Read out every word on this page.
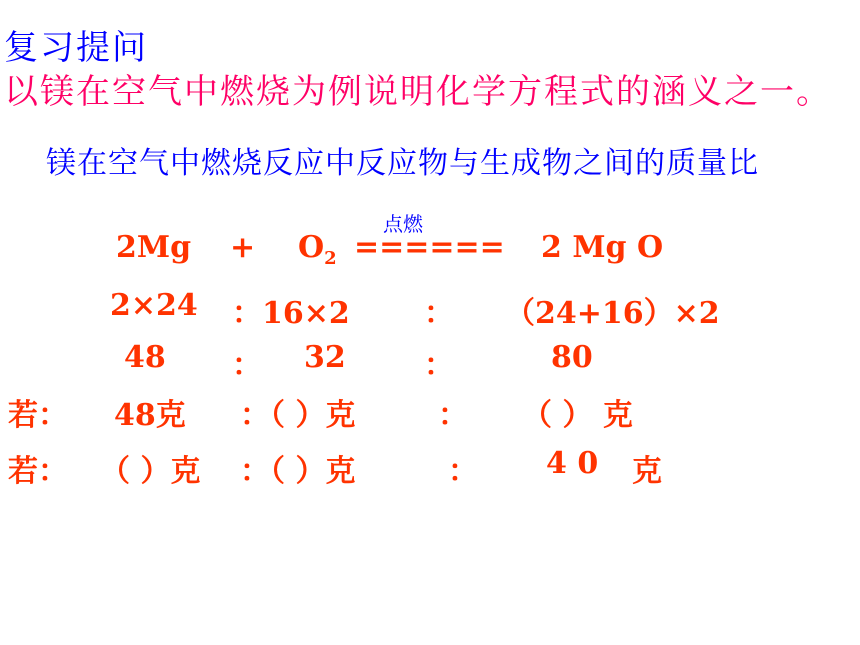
复习提问
以镁在空气中燃烧为例说明化学方程式的涵义之一。
镁在空气中燃烧反应中反应物与生成物之间的质量比
点燃
$2Mg + O_2$ ====== 2 Mg O
2×24 ：16×2 ： （24+16）×2
48 ： 32	：	80
若： 48克 ：（ ）克	： （ ） 克
若： （ ）克 ：（ ）克	： 4 0 克
